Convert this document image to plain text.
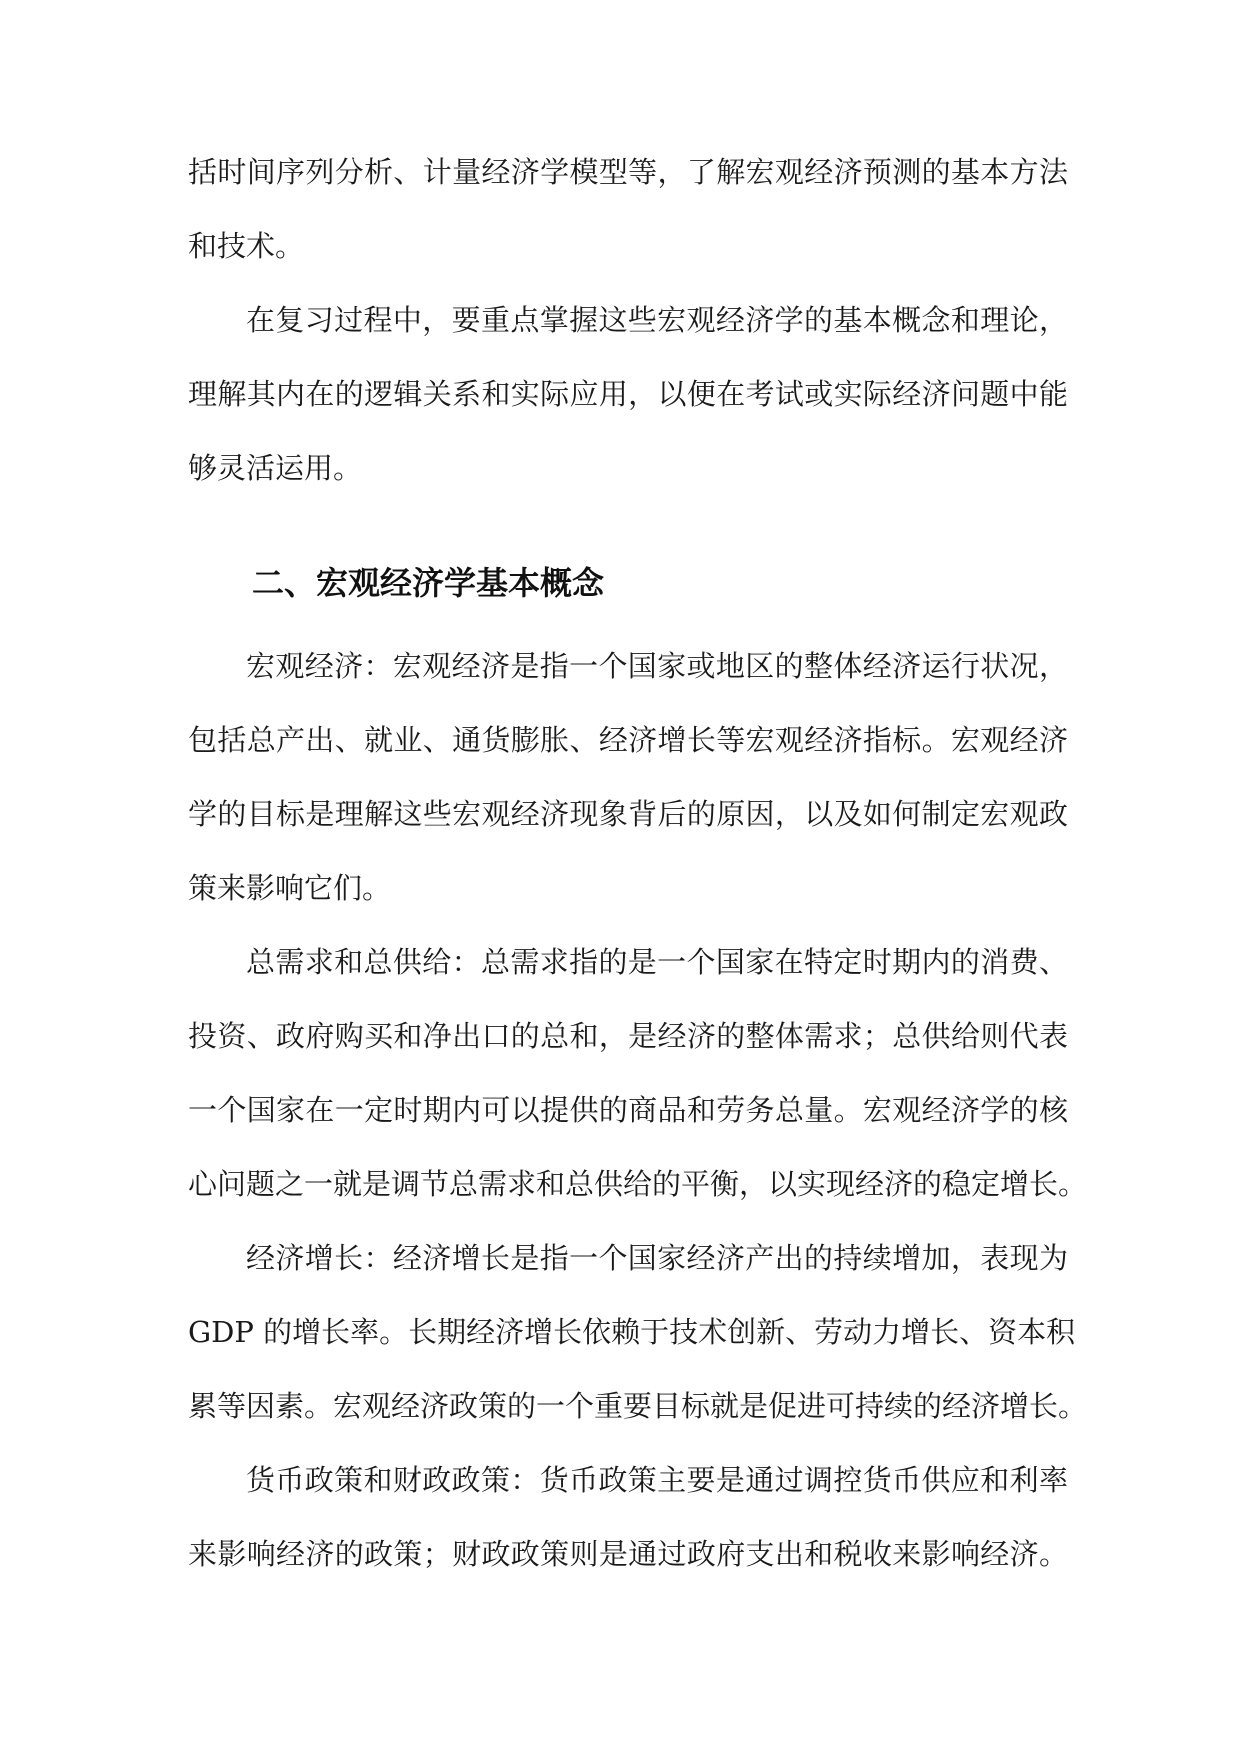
括时间序列分析、计量经济学模型等，了解宏观经济预测的基本方法
和技术。
在复习过程中，要重点掌握这些宏观经济学的基本概念和理论，
理解其内在的逻辑关系和实际应用，以便在考试或实际经济问题中能
够灵活运用。
二、宏观经济学基本概念
宏观经济：宏观经济是指一个国家或地区的整体经济运行状况，
包括总产出、就业、通货膨胀、经济增长等宏观经济指标。宏观经济
学的目标是理解这些宏观经济现象背后的原因，以及如何制定宏观政
策来影响它们。
总需求和总供给：总需求指的是一个国家在特定时期内的消费、
投资、政府购买和净出口的总和，是经济的整体需求；总供给则代表
一个国家在一定时期内可以提供的商品和劳务总量。宏观经济学的核
心问题之一就是调节总需求和总供给的平衡，以实现经济的稳定增长。
经济增长：经济增长是指一个国家经济产出的持续增加，表现为
GDP 的增长率。长期经济增长依赖于技术创新、劳动力增长、资本积
累等因素。宏观经济政策的一个重要目标就是促进可持续的经济增长。
货币政策和财政政策：货币政策主要是通过调控货币供应和利率
来影响经济的政策；财政政策则是通过政府支出和税收来影响经济。
